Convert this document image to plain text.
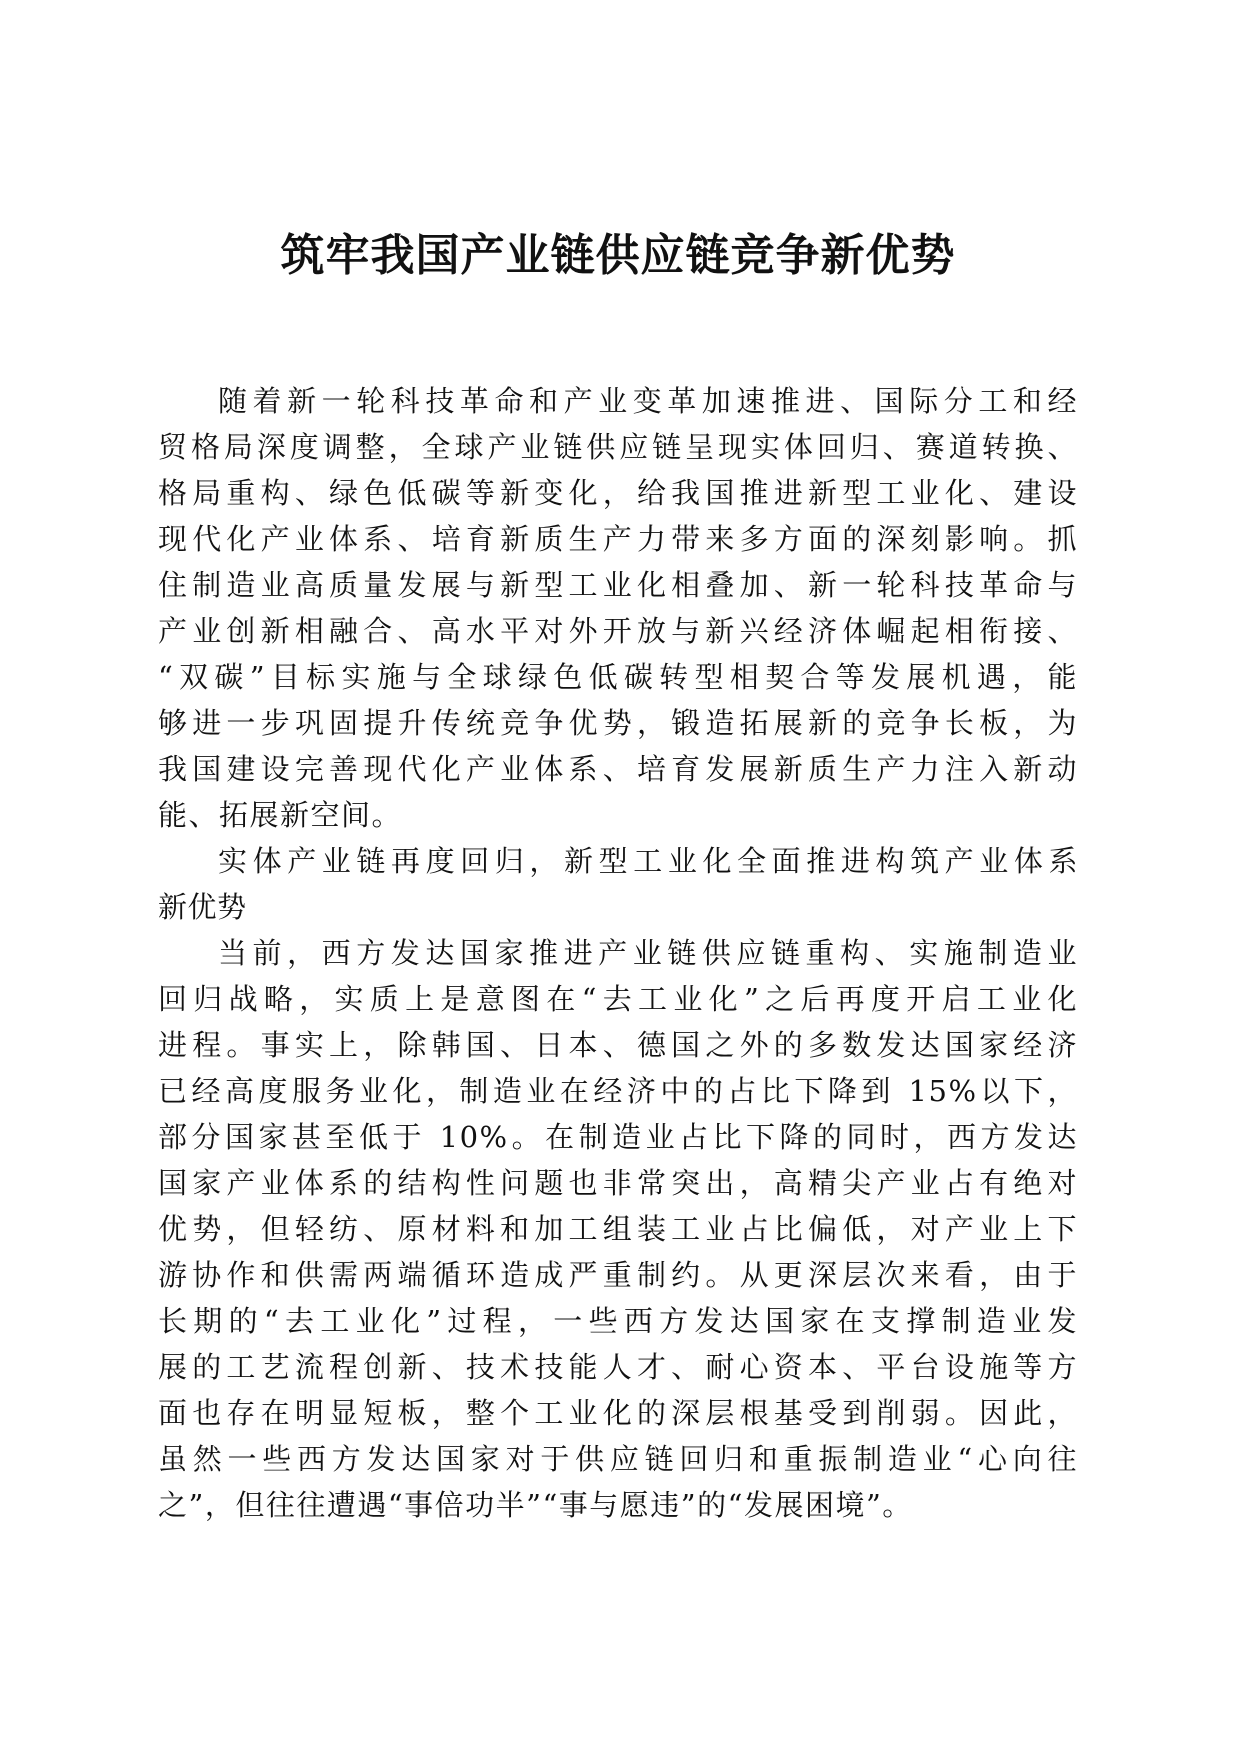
筑牢我国产业链供应链竞争新优势

随着新一轮科技革命和产业变革加速推进、国际分工和经
贸格局深度调整，全球产业链供应链呈现实体回归、赛道转换、
格局重构、绿色低碳等新变化，给我国推进新型工业化、建设
现代化产业体系、培育新质生产力带来多方面的深刻影响。抓
住制造业高质量发展与新型工业化相叠加、新一轮科技革命与
产业创新相融合、高水平对外开放与新兴经济体崛起相衔接、
“双碳”目标实施与全球绿色低碳转型相契合等发展机遇，能
够进一步巩固提升传统竞争优势，锻造拓展新的竞争长板，为
我国建设完善现代化产业体系、培育发展新质生产力注入新动
能、拓展新空间。

实体产业链再度回归，新型工业化全面推进构筑产业体系
新优势

当前，西方发达国家推进产业链供应链重构、实施制造业
回归战略，实质上是意图在“去工业化”之后再度开启工业化
进程。事实上，除韩国、日本、德国之外的多数发达国家经济
已经高度服务业化，制造业在经济中的占比下降到 15%以下，
部分国家甚至低于 10%。在制造业占比下降的同时，西方发达
国家产业体系的结构性问题也非常突出，高精尖产业占有绝对
优势，但轻纺、原材料和加工组装工业占比偏低，对产业上下
游协作和供需两端循环造成严重制约。从更深层次来看，由于
长期的“去工业化”过程，一些西方发达国家在支撑制造业发
展的工艺流程创新、技术技能人才、耐心资本、平台设施等方
面也存在明显短板，整个工业化的深层根基受到削弱。因此，
虽然一些西方发达国家对于供应链回归和重振制造业“心向往
之”，但往往遭遇“事倍功半”“事与愿违”的“发展困境”。
